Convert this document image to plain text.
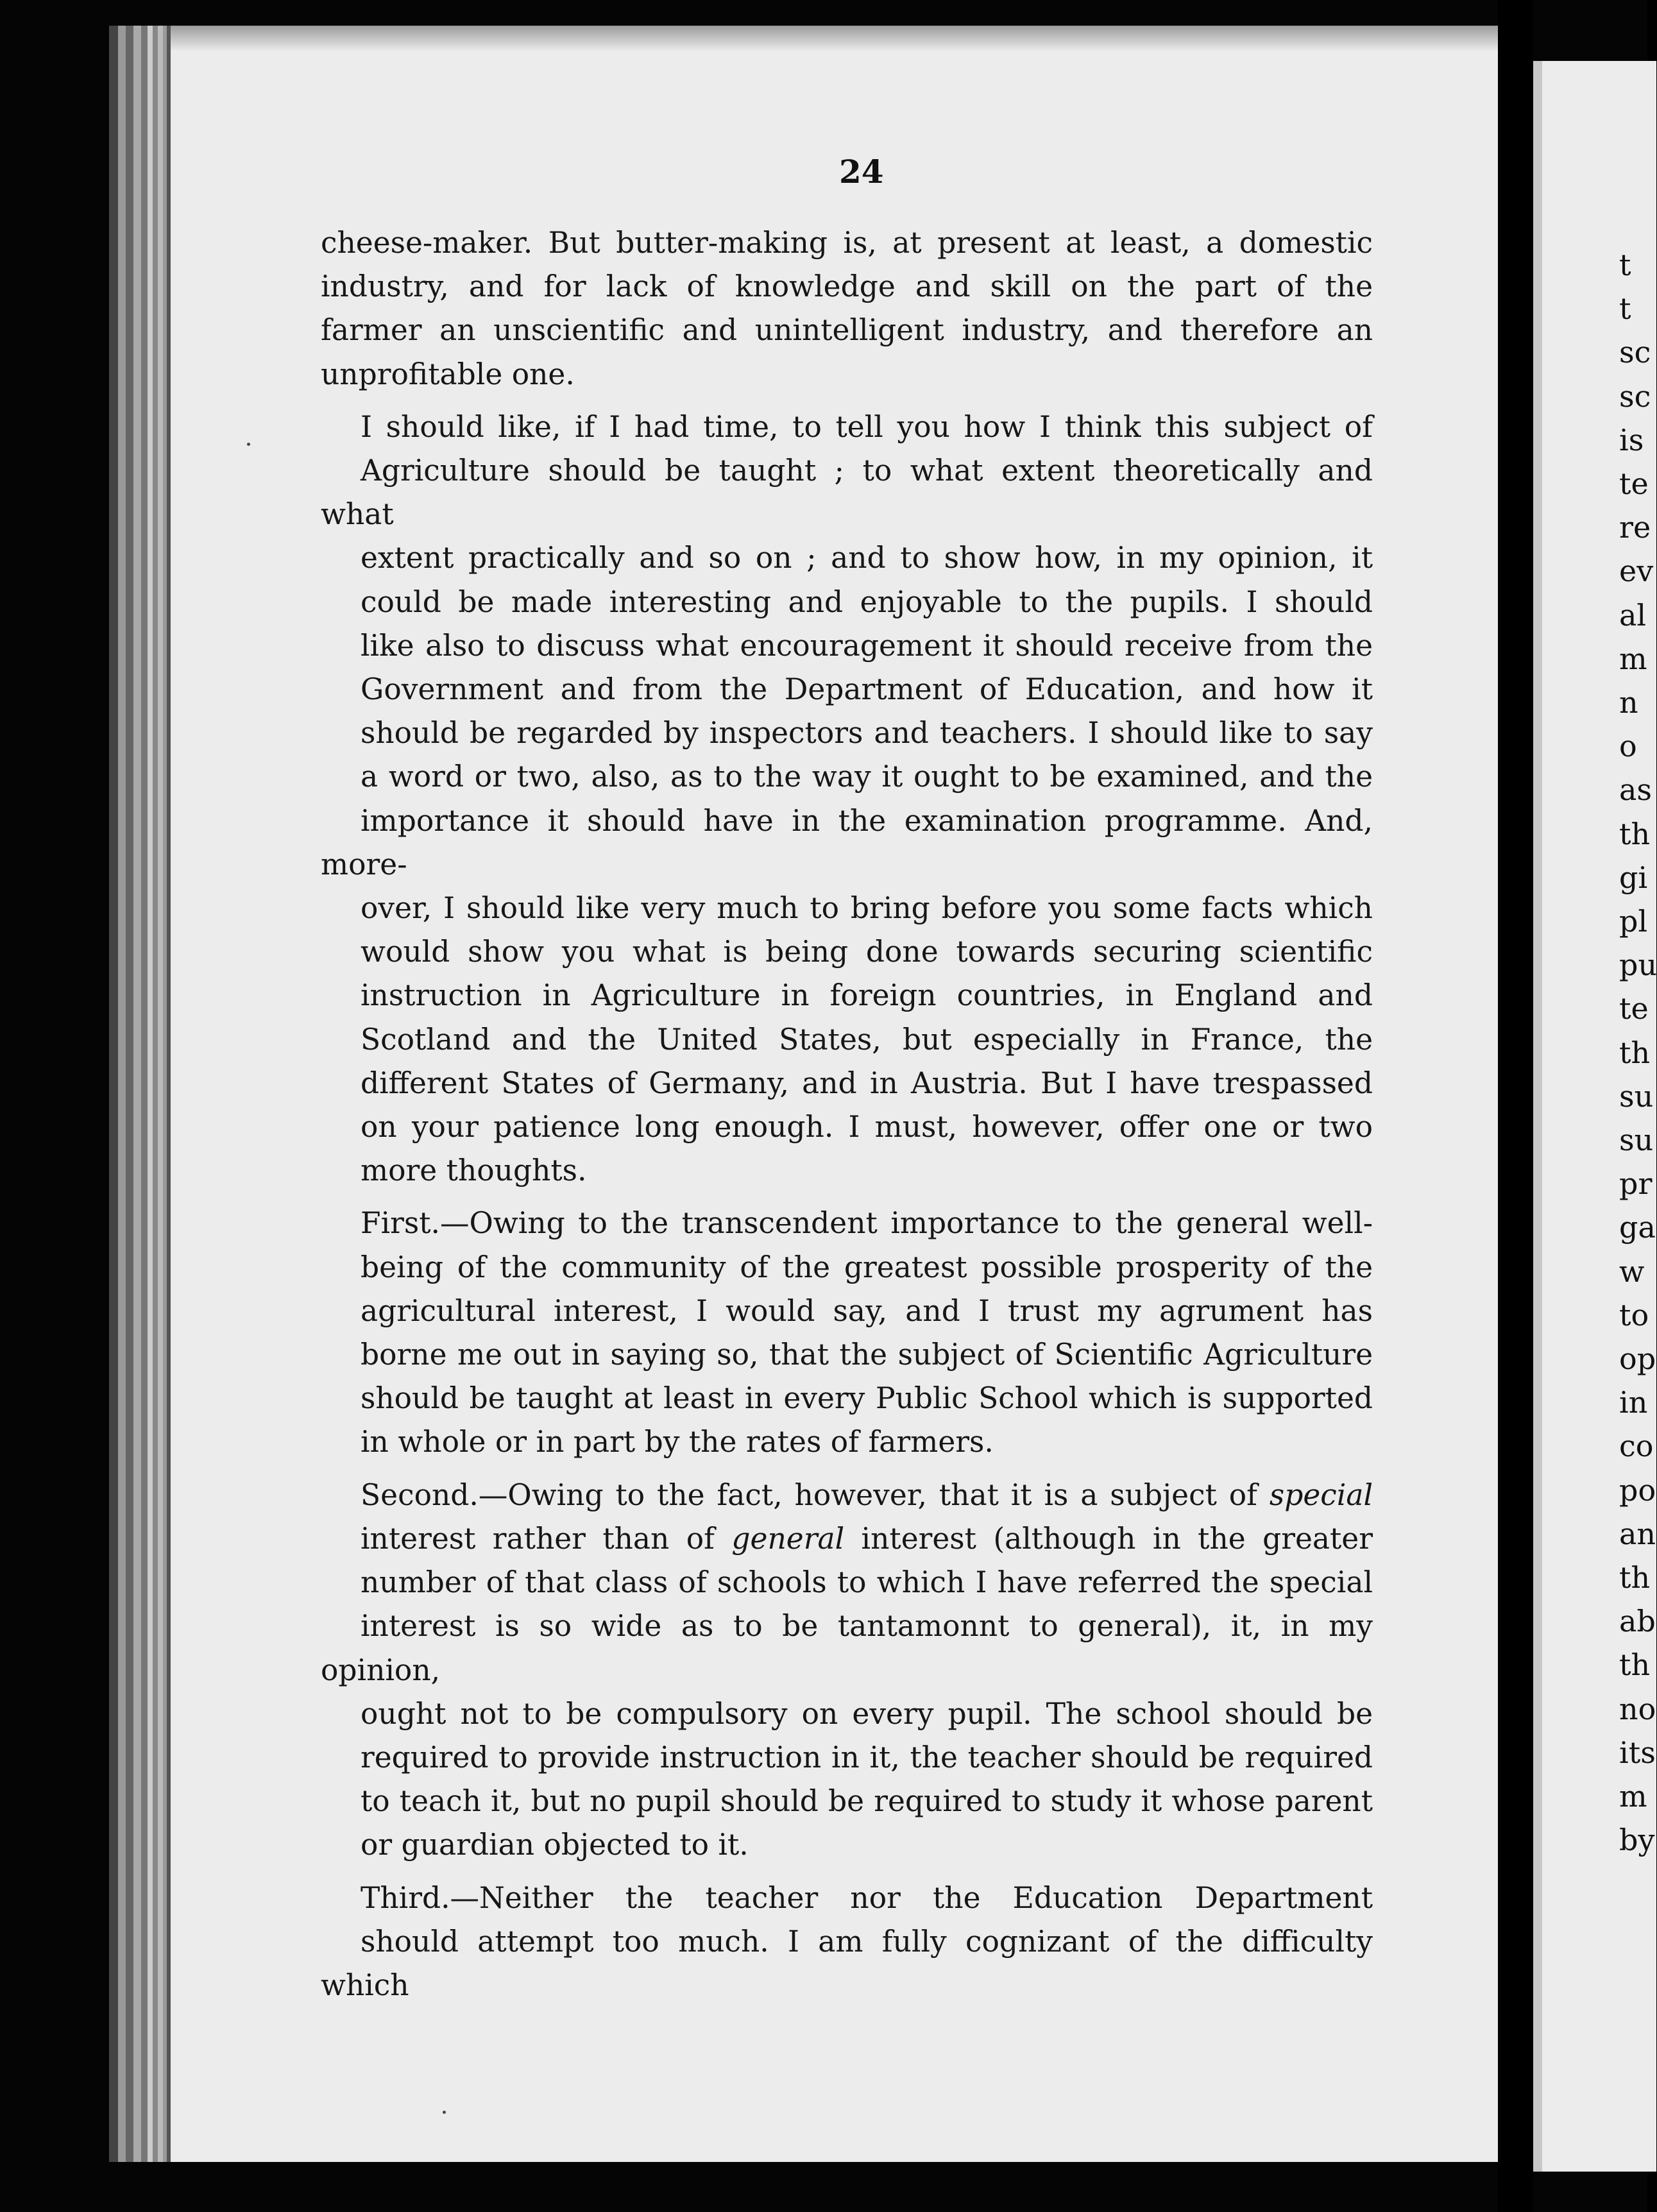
24
t
t
sc
sc
is
te
re
ev
al
m
n
o
as
th
gi
pl
pu
te
th
su
su
pr
ga
w
to
op
in
co
po
an
th
ab
th
no
its
m
by

cheese-maker. But butter-making is, at present at least, a domestic
industry, and for lack of knowledge and skill on the part of the
farmer an unscientific and unintelligent industry, and therefore an
unprofitable one.

I should like, if I had time, to tell you how I think this subject of
Agriculture should be taught ; to what extent theoretically and what
extent practically and so on ; and to show how, in my opinion, it
could be made interesting and enjoyable to the pupils. I should
like also to discuss what encouragement it should receive from the
Government and from the Department of Education, and how it
should be regarded by inspectors and teachers. I should like to say
a word or two, also, as to the way it ought to be examined, and the
importance it should have in the examination programme. And, more-
over, I should like very much to bring before you some facts which
would show you what is being done towards securing scientific
instruction in Agriculture in foreign countries, in England and
Scotland and the United States, but especially in France, the
different States of Germany, and in Austria. But I have trespassed
on your patience long enough. I must, however, offer one or two
more thoughts.

First.—Owing to the transcendent importance to the general well-
being of the community of the greatest possible prosperity of the
agricultural interest, I would say, and I trust my agrument has
borne me out in saying so, that the subject of Scientific Agriculture
should be taught at least in every Public School which is supported
in whole or in part by the rates of farmers.

Second.—Owing to the fact, however, that it is a subject of special
interest rather than of general interest (although in the greater
number of that class of schools to which I have referred the special
interest is so wide as to be tantamonnt to general), it, in my opinion,
ought not to be compulsory on every pupil. The school should be
required to provide instruction in it, the teacher should be required
to teach it, but no pupil should be required to study it whose parent
or guardian objected to it.

Third.—Neither the teacher nor the Education Department
should attempt too much. I am fully cognizant of the difficulty which
